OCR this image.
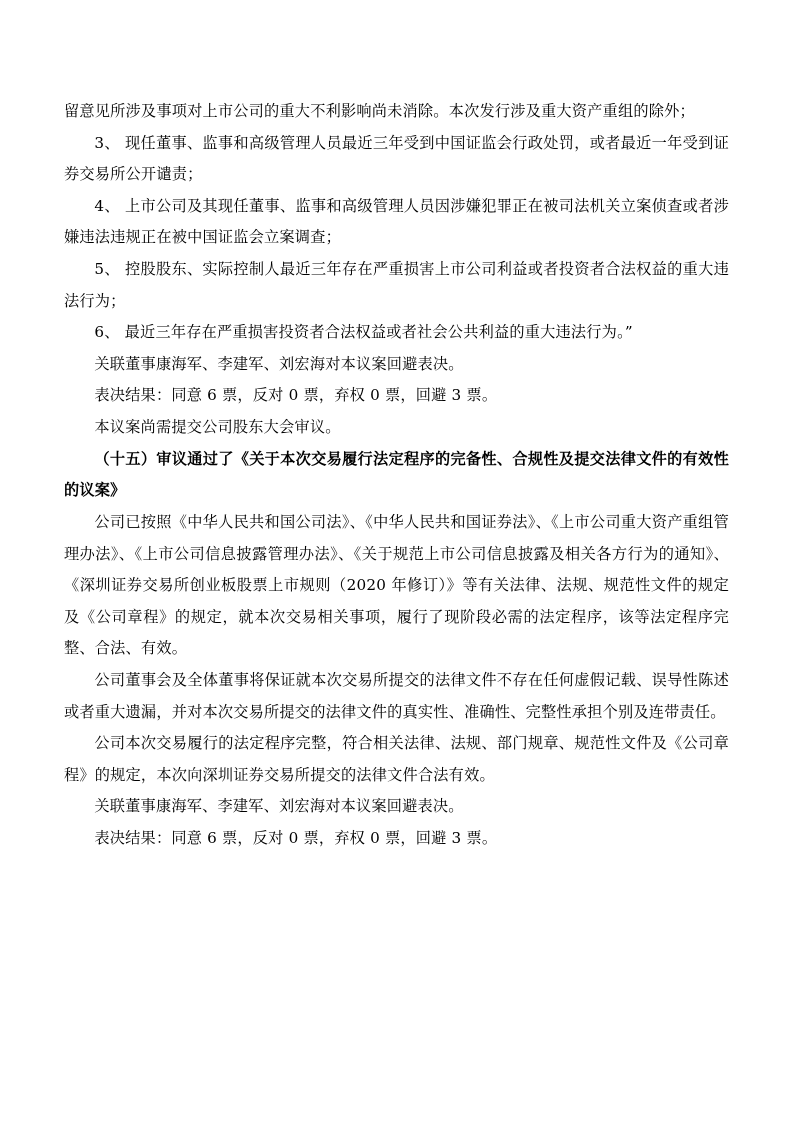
留意见所涉及事项对上市公司的重大不利影响尚未消除。本次发行涉及重大资产重组的除外；

3、 现任董事、监事和高级管理人员最近三年受到中国证监会行政处罚，或者最近一年受到证券交易所公开谴责；

4、 上市公司及其现任董事、监事和高级管理人员因涉嫌犯罪正在被司法机关立案侦查或者涉嫌违法违规正在被中国证监会立案调查；

5、 控股股东、实际控制人最近三年存在严重损害上市公司利益或者投资者合法权益的重大违法行为；

6、 最近三年存在严重损害投资者合法权益或者社会公共利益的重大违法行为。”

关联董事康海军、李建军、刘宏海对本议案回避表决。

表决结果：同意 6 票，反对 0 票，弃权 0 票，回避 3 票。

本议案尚需提交公司股东大会审议。

（十五）审议通过了《关于本次交易履行法定程序的完备性、合规性及提交法律文件的有效性的议案》

公司已按照《中华人民共和国公司法》、《中华人民共和国证券法》、《上市公司重大资产重组管理办法》、《上市公司信息披露管理办法》、《关于规范上市公司信息披露及相关各方行为的通知》、《深圳证券交易所创业板股票上市规则（2020 年修订）》等有关法律、法规、规范性文件的规定及《公司章程》的规定，就本次交易相关事项，履行了现阶段必需的法定程序，该等法定程序完整、合法、有效。

公司董事会及全体董事将保证就本次交易所提交的法律文件不存在任何虚假记载、误导性陈述或者重大遗漏，并对本次交易所提交的法律文件的真实性、准确性、完整性承担个别及连带责任。

公司本次交易履行的法定程序完整，符合相关法律、法规、部门规章、规范性文件及《公司章程》的规定，本次向深圳证券交易所提交的法律文件合法有效。

关联董事康海军、李建军、刘宏海对本议案回避表决。

表决结果：同意 6 票，反对 0 票，弃权 0 票，回避 3 票。
